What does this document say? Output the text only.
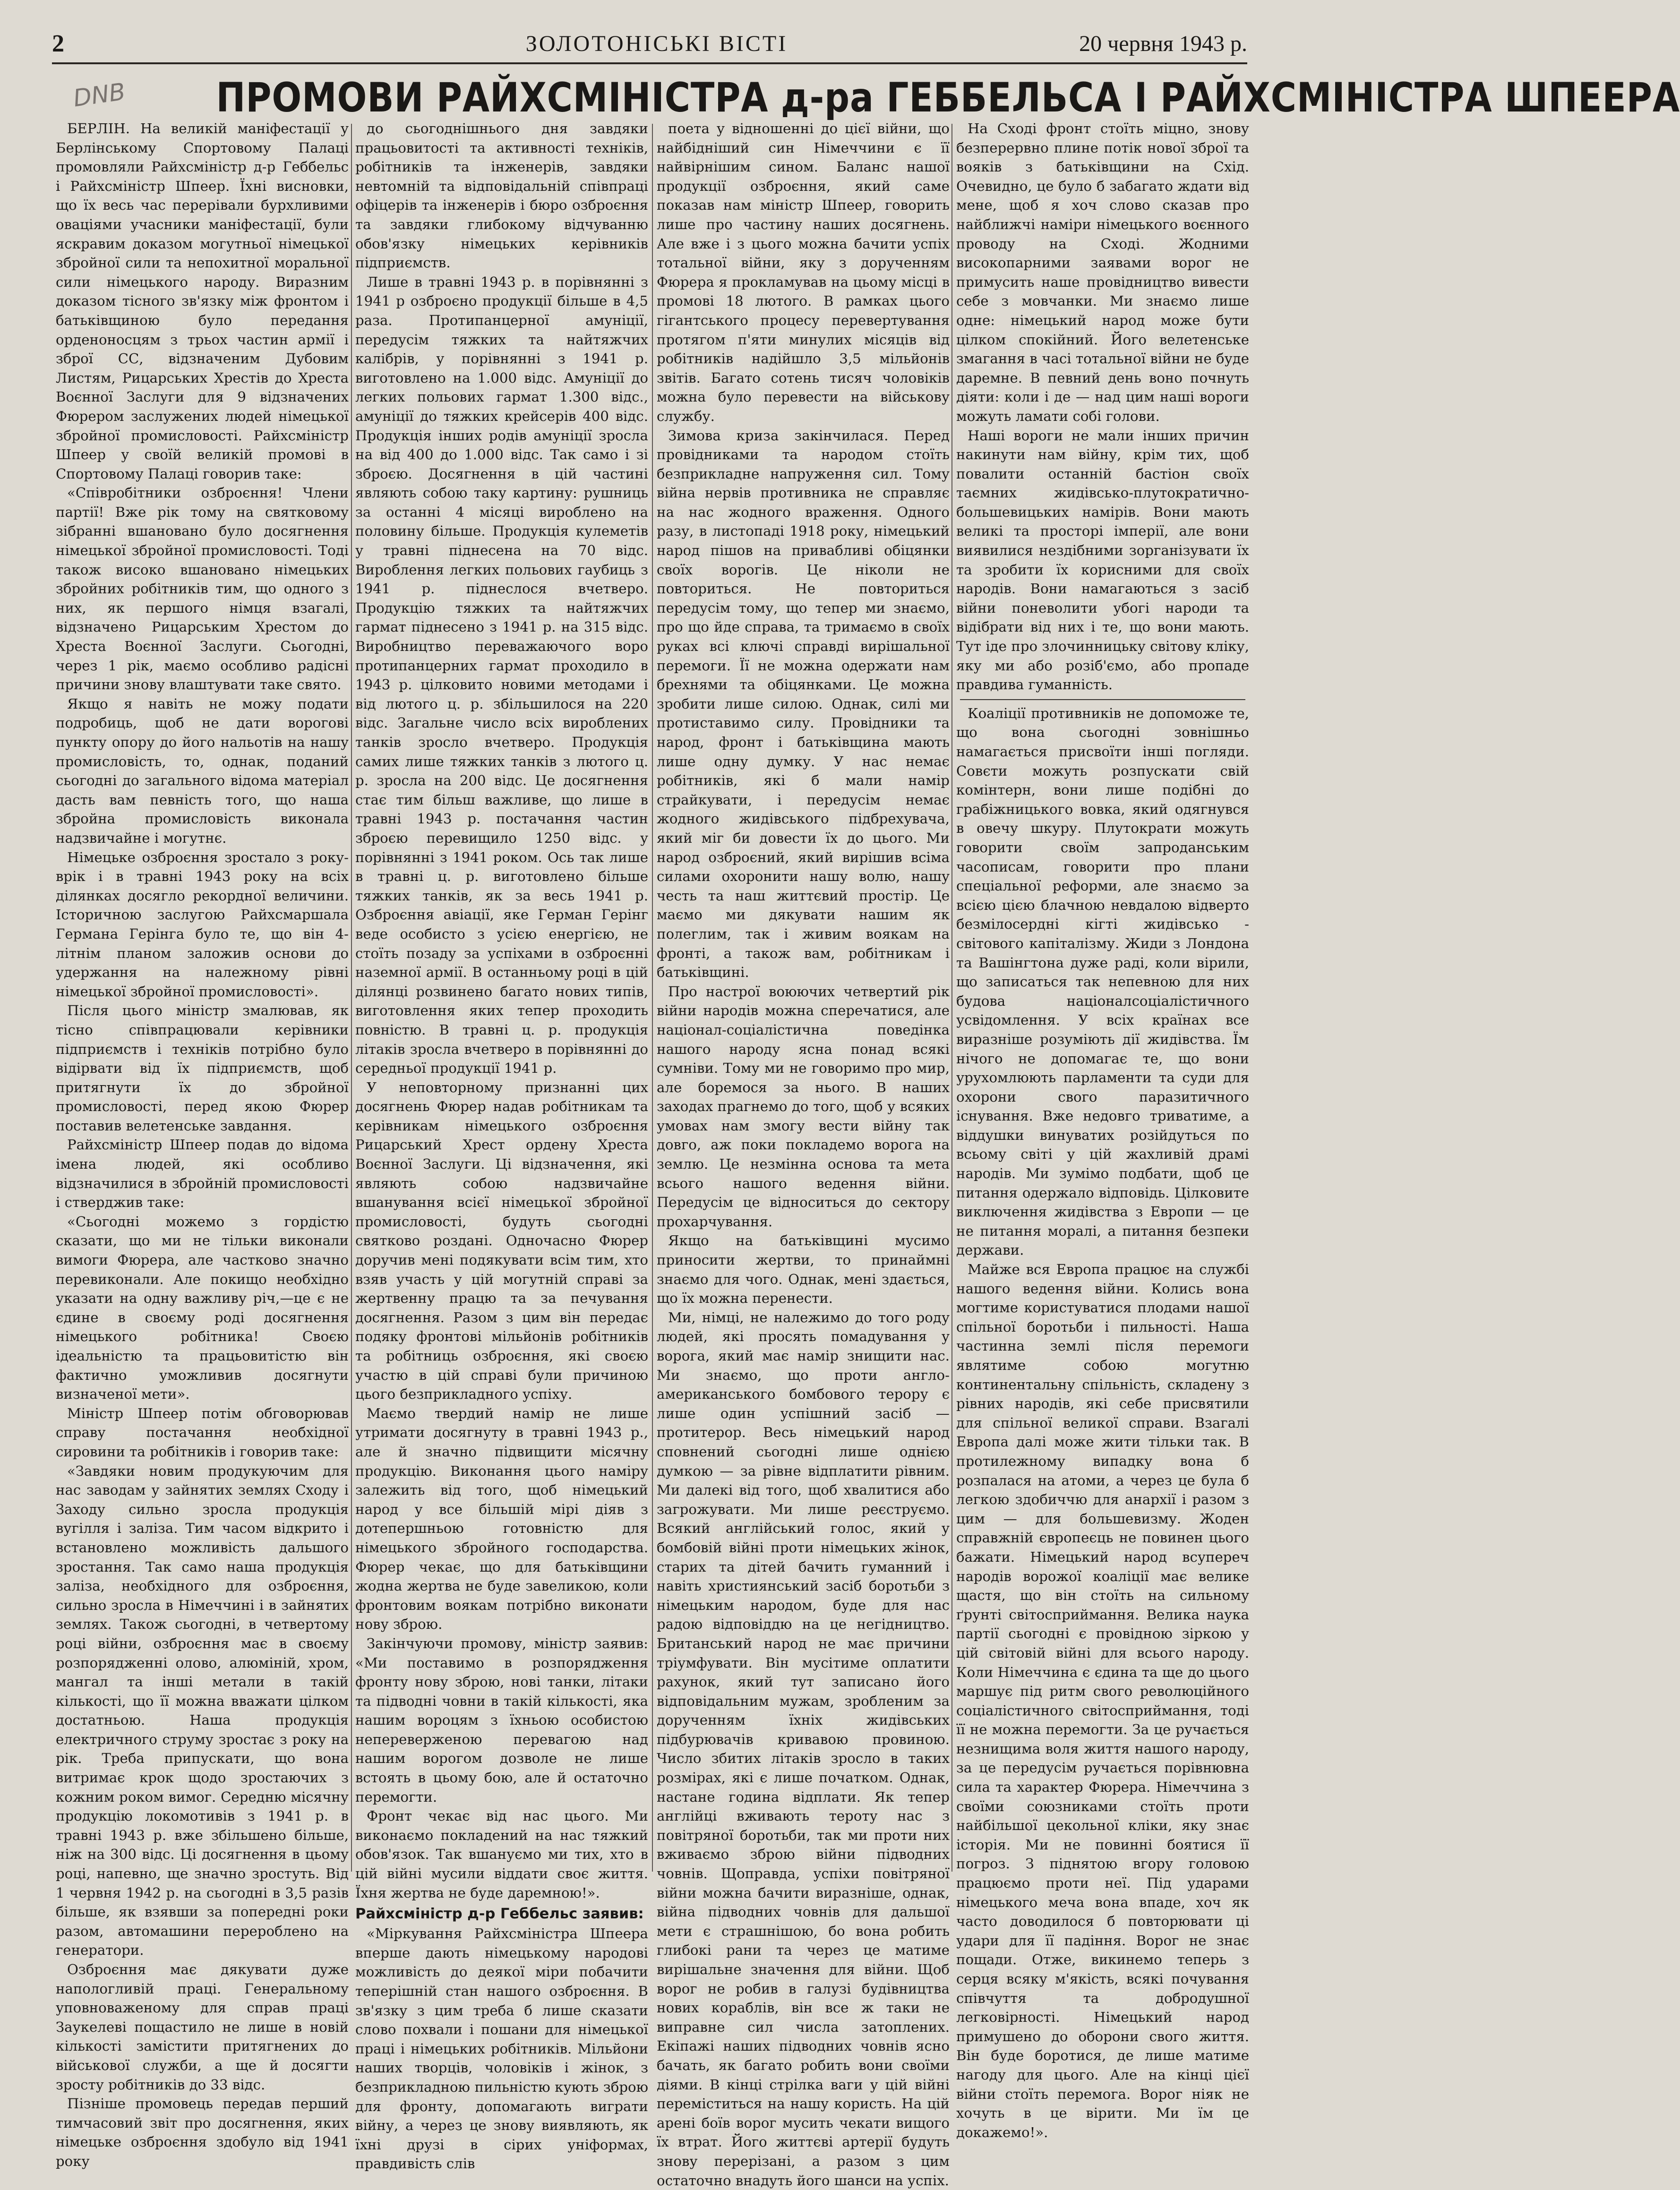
2	ЗОЛОТОНІСЬКІ ВІСТІ	20 червня 1943 р.
DNB ПРОМОВИ РАЙХСМІНІСТРА д-ра ГЕББЕЛЬСА І РАЙХСМІНІСТРА ШПЕЕРА

БЕРЛІН. На великій маніфестації у Берлінському Спортовому Палаці промовляли Райхсміністр д-р Геббельс і Райхсміністр Шпеер. Їхні висновки, що їх весь час перерівали бурхливими оваціями учасники маніфестації, були яскравим доказом могутньої німецької збройної сили та непохитної моральної сили німецького народу. Виразним доказом тісного зв'язку між фронтом і батьківщиною було передання орденоносцям з трьох частин армії і зброї СС, відзначеним Дубовим Листям, Рицарських Хрестів до Хреста Воєнної Заслуги для 9 відзначених Фюрером заслужених людей німецької збройної промисловості. Райхсміністр Шпеер у своїй великій промові в Спортовому Палаці говорив таке:

«Співробітники озброєння! Члени партії! Вже рік тому на святковому зібранні вшановано було досягнення німецької збройної промисловості. Тоді також високо вшановано німецьких збройних робітників тим, що одного з них, як першого німця взагалі, відзначено Рицарським Хрестом до Хреста Воєнної Заслуги. Сьогодні, через 1 рік, маємо особливо радісні причини знову влаштувати таке свято.

Якщо я навіть не можу подати подробиць, щоб не дати ворогові пункту опору до його нальотів на нашу промисловість, то, однак, поданий сьогодні до загального відома матеріал дасть вам певність того, що наша збройна промисловість виконала надзвичайне і могутнє.

Німецьке озброєння зростало з року-врік і в травні 1943 року на всіх ділянках досягло рекордної величини. Історичною заслугою Райхсмаршала Германа Герінга було те, що він 4-літнім планом заложив основи до удержання на належному рівні німецької збройної промисловості».

Після цього міністр змалював, як тісно співпрацювали керівники підприємств і техніків потрібно було відірвати від їх підприємств, щоб притягнути їх до збройної промисловості, перед якою Фюрер поставив велетенське завдання.

Райхсміністр Шпеер подав до відома імена людей, які особливо відзначилися в збройній промисловості і стверджив таке:

«Сьогодні можемо з гордістю сказати, що ми не тільки виконали вимоги Фюрера, але частково значно перевиконали. Але покищо необхідно указати на одну важливу річ,—це є не єдине в своєму роді досягнення німецького робітника! Своєю ідеальністю та працьовитістю він фактично уможливив досягнути визначеної мети».

Міністр Шпеер потім обговорював справу постачання необхідної сировини та робітників і говорив таке:

«Завдяки новим продукуючим для нас заводам у зайнятих землях Сходу і Заходу сильно зросла продукція вугілля і заліза. Тим часом відкрито і встановлено можливість дальшого зростання. Так само наша продукція заліза, необхідного для озброєння, сильно зросла в Німеччині і в зайнятих землях. Також сьогодні, в четвертому році війни, озброєння має в своєму розпорядженні олово, алюміній, хром, мангал та інші метали в такій кількості, що її можна вважати цілком достатньою. Наша продукція електричного струму зростає з року на рік. Треба припускати, що вона витримає крок щодо зростаючих з кожним роком вимог. Середню місячну продукцію локомотивів з 1941 р. в травні 1943 р. вже збільшено більше, ніж на 300 відс. Ці досягнення в цьому році, напевно, ще значно зростуть. Від 1 червня 1942 р. на сьогодні в 3,5 разів більше, як взявши за попередні роки разом, автомашини перероблено на генератори.

Озброєння має дякувати дуже напологливій праці. Генеральному уповноваженому для справ праці Заукелеві пощастило не лише в новій кількості замістити притягнених до військової служби, а ще й досягти зросту робітників до 33 відс.

Пізніше промовець передав перший тимчасовий звіт про досягнення, яких німецьке озброєння здобуло від 1941 року

до сьогоднішнього дня завдяки працьовитості та активності техніків, робітників та інженерів, завдяки невтомній та відповідальній співпраці офіцерів та інженерів і бюро озброєння та завдяки глибокому відчуванню обов'язку німецьких керівників підприємств.

Лише в травні 1943 р. в порівнянні з 1941 р озброєно продукції більше в 4,5 раза. Протипанцерної амуніції, передусім тяжких та найтяжчих калібрів, у порівнянні з 1941 р. виготовлено на 1.000 відс. Амуніції до легких польових гармат 1.300 відс., амуніції до тяжких крейсерів 400 відс. Продукція інших родів амуніції зросла на від 400 до 1.000 відс. Так само і зі зброєю. Досягнення в цій частині являють собою таку картину: рушниць за останні 4 місяці вироблено на половину більше. Продукція кулеметів у травні піднесена на 70 відс. Вироблення легких польових гаубиць з 1941 р. піднеслося вчетверо. Продукцію тяжких та найтяжчих гармат піднесено з 1941 р. на 315 відс. Виробництво переважаючого воро протипанцерних гармат проходило в 1943 р. цілковито новими методами і від лютого ц. р. збільшилося на 220 відс. Загальне число всіх вироблених танків зросло вчетверо. Продукція самих лише тяжких танків з лютого ц. р. зросла на 200 відс. Це досягнення стає тим більш важливе, що лише в травні 1943 р. постачання частин зброєю перевищило 1250 відс. у порівнянні з 1941 роком. Ось так лише в травні ц. р. виготовлено більше тяжких танків, як за весь 1941 р. Озброєння авіації, яке Герман Герінг веде особисто з усією енергією, не стоїть позаду за успіхами в озброєнні наземної армії. В останньому році в цій ділянці розвинено багато нових типів, виготовлення яких тепер проходить повністю. В травні ц. р. продукція літаків зросла вчетверо в порівнянні до середньої продукції 1941 р.

У неповторному признанні цих досягнень Фюрер надав робітникам та керівникам німецького озброєння Рицарський Хрест ордену Хреста Воєнної Заслуги. Ці відзначення, які являють собою надзвичайне вшанування всієї німецької збройної промисловості, будуть сьогодні святково роздані. Одночасно Фюрер доручив мені подякувати всім тим, хто взяв участь у цій могутній справі за жертвенну працю та за печування досягнення. Разом з цим він передає подяку фронтові мільйонів робітників та робітниць озброєння, які своєю участю в цій справі були причиною цього безприкладного успіху.

Маємо твердий намір не лише утримати досягнуту в травні 1943 р., але й значно підвищити місячну продукцію. Виконання цього наміру залежить від того, щоб німецький народ у все більшій мірі діяв з дотепершньою готовністю для німецького збройного господарства. Фюрер чекає, що для батьківщини жодна жертва не буде завеликою, коли фронтовим воякам потрібно виконати нову зброю.

Закінчуючи промову, міністр заявив: «Ми поставимо в розпорядження фронту нову зброю, нові танки, літаки та підводні човни в такій кількості, яка нашим вороцям з їхньою особистою непереверженою перевагою над нашим ворогом дозволе не лише встоять в цьому бою, але й остаточно перемогти.

Фронт чекає від нас цього. Ми виконаємо покладений на нас тяжкий обов'язок. Так вшануємо ми тих, хто в цій війні мусили віддати своє життя. Їхня жертва не буде даремною!».

Райхсміністр д-р Геббельс заявив:

«Міркування Райхсміністра Шпеера вперше дають німецькому народові можливість до деякої міри побачити теперішній стан нашого озброєння. В зв'язку з цим треба б лише сказати слово похвали і пошани для німецької праці і німецьких робітників. Мільйони наших творців, чоловіків і жінок, з безприкладною пильністю кують зброю для фронту, допомагають виграти війну, а через це знову виявляють, як їхні друзі в сірих уніформах, правдивість слів

поета у відношенні до цієї війни, що найбідніший син Німеччини є її найвірнішим сином. Баланс нашої продукції озброєння, який саме показав нам міністр Шпеер, говорить лише про частину наших досягнень. Але вже і з цього можна бачити успіх тотальної війни, яку з дорученням Фюрера я прокламував на цьому місці в промові 18 лютого. В рамках цього гігантського процесу перевертування протягом п'яти минулих місяців від робітників надійшло 3,5 мільйонів звітів. Багато сотень тисяч чоловіків можна було перевести на військову службу.

Зимова криза закінчилася. Перед провідниками та народом стоїть безприкладне напруження сил. Тому війна нервів противника не справляє на нас жодного враження. Одного разу, в листопаді 1918 року, німецький народ пішов на привабливі обіцянки своїх ворогів. Це ніколи не повториться. Не повториться передусім тому, що тепер ми знаємо, про що йде справа, та тримаємо в своїх руках всі ключі справді вирішальної перемоги. Її не можна одержати нам брехнями та обіцянками. Це можна зробити лише силою. Однак, силі ми протиставимо силу. Провідники та народ, фронт і батьківщина мають лише одну думку. У нас немає робітників, які б мали намір страйкувати, і передусім немає жодного жидівського підбрехувача, який міг би довести їх до цього. Ми народ озброєний, який вирішив всіма силами охоронити нашу волю, нашу честь та наш життєвий простір. Це маємо ми дякувати нашим як полеглим, так і живим воякам на фронті, а також вам, робітникам і батьківщині.

Про настрої воюючих четвертий рік війни народів можна сперечатися, але націонал-соціалістична поведінка нашого народу ясна понад всякі сумніви. Тому ми не говоримо про мир, але боремося за нього. В наших заходах прагнемо до того, щоб у всяких умовах нам змогу вести війну так довго, аж поки покладемо ворога на землю. Це незмінна основа та мета всього нашого ведення війни. Передусім це відноситься до сектору прохарчування.

Якщо на батьківщині мусимо приносити жертви, то принаймні знаємо для чого. Однак, мені здається, що їх можна перенести.

Ми, німці, не належимо до того роду людей, які просять помадування у ворога, який має намір знищити нас. Ми знаємо, що проти англо-американського бомбового терору є лише один успішний засіб — протитерор. Весь німецький народ сповнений сьогодні лише однією думкою — за рівне відплатити рівним. Ми далекі від того, щоб хвалитися або загрожувати. Ми лише реєструємо. Всякий англійський голос, який у бомбовій війні проти німецьких жінок, старих та дітей бачить гуманний і навіть християнський засіб боротьби з німецьким народом, буде для нас радою відповіддю на це негідництво. Британський народ не має причини тріумфувати. Він мусітиме оплатити рахунок, який тут записано його відповідальним мужам, зробленим за дорученням їхніх жидівських підбурювачів кривавою провиною. Число збитих літаків зросло в таких розмірах, які є лише початком. Однак, настане година відплати. Як тепер англійці вживають тероту нас з повітряної боротьби, так ми проти них вживаємо зброю війни підводних човнів. Щоправда, успіхи повітряної війни можна бачити виразніше, однак, війна підводних човнів для дальшої мети є страшнішою, бо вона робить глибокі рани та через це матиме вирішальне значення для війни. Щоб ворог не робив в галузі будівництва нових кораблів, він все ж таки не виправне сил числа затоплених. Екіпажі наших підводних човнів ясно бачать, як багато робить вони своїми діями. В кінці стрілка ваги у цій війні переміститься на нашу користь. На цій арені боїв ворог мусить чекати вищого їх втрат. Його життєві артерії будуть знову перерізані, а разом з цим остаточно внадуть його шанси на успіх.

На Сході фронт стоїть міцно, знову безперервно плине потік нової зброї та вояків з батьківщини на Схід. Очевидно, це було б забагато ждати від мене, щоб я хоч слово сказав про найближчі наміри німецького воєнного проводу на Сході. Жодними високопарними заявами ворог не примусить наше провідництво вивести себе з мовчанки. Ми знаємо лише одне: німецький народ може бути цілком спокійний. Його велетенське змагання в часі тотальної війни не буде даремне. В певний день воно почнуть діяти: коли і де — над цим наші вороги можуть ламати собі голови.

Наші вороги не мали інших причин накинути нам війну, крім тих, щоб повалити останній бастіон своїх таємних жидівсько-плутократично-большевицьких намірів. Вони мають великі та просторі імперії, але вони виявилися нездібними зорганізувати їх та зробити їх корисними для своїх народів. Вони намагаються з засіб війни поневолити убогі народи та відібрати від них і те, що вони мають. Тут іде про злочинницьку світову кліку, яку ми або розіб'ємо, або пропаде правдива гуманність.

Коаліції противників не допоможе те, що вона сьогодні зовнішньо намагається присвоїти інші погляди. Совєти можуть розпускати свій комінтерн, вони лише подібні до грабіжницького вовка, який одягнувся в овечу шкуру. Плутократи можуть говорити своїм запроданським часописам, говорити про плани спеціальної реформи, але знаємо за всією цією блачною невдалою відверто безмілосердні кігті жидівсько - світового капіталізму. Жиди з Лондона та Вашінгтона дуже раді, коли вірили, що записаться так непевною для них будова націоналсоціалістичного усвідомлення. У всіх країнах все виразніше розуміють дії жидівства. Їм нічого не допомагає те, що вони урухомлюють парламенти та суди для охорони свого паразитичного існування. Вже недовго триватиме, а віддушки винуватих розійдуться по всьому світі у цій жахливій драмі народів. Ми зумімо подбати, щоб це питання одержало відповідь. Цілковите виключення жидівства з Европи — це не питання моралі, а питання безпеки держави.

Майже вся Европа працює на службі нашого ведення війни. Колись вона могтиме користуватися плодами нашої спільної боротьби і пильності. Наша частинна землі після перемоги являтиме собою могутню континентальну спільність, складену з рівних народів, які себе присвятили для спільної великої справи. Взагалі Европа далі може жити тільки так. В протилежному випадку вона б розпалася на атоми, а через це була б легкою здобиччю для анархії і разом з цим — для большевизму. Жоден справжній європеєць не повинен цього бажати. Німецький народ всупереч народів ворожої коаліції має велике щастя, що він стоїть на сильному ґрунті світосприймання. Велика наука партії сьогодні є провідною зіркою у цій світовій війні для всього народу. Коли Німеччина є єдина та ще до цього маршує під ритм свого революційного соціалістичного світосприймання, тоді її не можна перемогти. За це ручається незнищима воля життя нашого народу, за це передусім ручається порівнювна сила та характер Фюрера. Німеччина з своїми союзниками стоїть проти найбільшої цекольної кліки, яку знає історія. Ми не повинні боятися її погроз. З піднятою вгору головою працюємо проти неї. Під ударами німецького меча вона впаде, хоч як часто доводилося б повторювати ці удари для її падіння. Ворог не знає пощади. Отже, викинемо теперь з серця всяку м'якість, всякі почування співчуття та добродушної легковірності. Німецький народ примушено до оборони свого життя. Він буде боротися, де лише матиме нагоду для цього. Але на кінці цієї війни стоїть перемога. Ворог ніяк не хочуть в це вірити. Ми їм це докажемо!».
